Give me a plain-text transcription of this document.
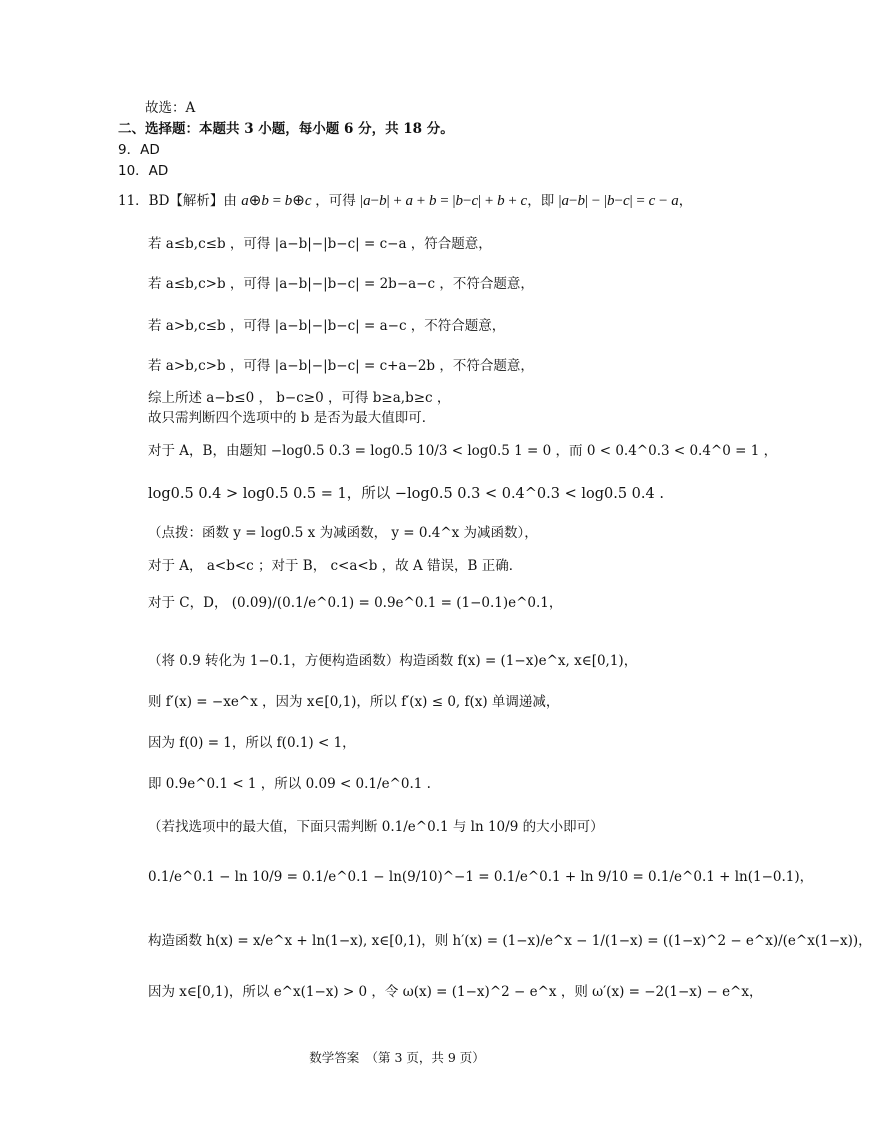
故选：A
二、选择题：本题共 3 小题，每小题 6 分，共 18 分。
9．AD
10．AD
11．BD【解析】由 a⊕b = b⊕c ，可得 |a−b| + a + b = |b−c| + b + c，即 |a−b| − |b−c| = c − a，
若 a≤b,c≤b ，可得 |a−b|−|b−c| = c−a ，符合题意，
若 a≤b,c>b ，可得 |a−b|−|b−c| = 2b−a−c ，不符合题意，
若 a>b,c≤b ，可得 |a−b|−|b−c| = a−c ，不符合题意，
若 a>b,c>b ，可得 |a−b|−|b−c| = c+a−2b ，不符合题意，
综上所述 a−b≤0 ， b−c≥0 ，可得 b≥a,b≥c ，
故只需判断四个选项中的 b 是否为最大值即可．
对于 A，B，由题知 −log0.5 0.3 = log0.5 10/3 < log0.5 1 = 0 ，而 0 < 0.4^0.3 < 0.4^0 = 1 ，
log0.5 0.4 > log0.5 0.5 = 1，所以 −log0.5 0.3 < 0.4^0.3 < log0.5 0.4 .
（点拨：函数 y = log0.5 x 为减函数， y = 0.4^x 为减函数），
对于 A， a<b<c ；对于 B， c<a<b ，故 A 错误，B 正确．
对于 C，D， (0.09)/(0.1/e^0.1) = 0.9e^0.1 = (1−0.1)e^0.1，
（将 0.9 转化为 1−0.1，方便构造函数）构造函数 f(x) = (1−x)e^x, x∈[0,1)，
则 f′(x) = −xe^x ，因为 x∈[0,1)，所以 f′(x) ≤ 0, f(x) 单调递减，
因为 f(0) = 1，所以 f(0.1) < 1，
即 0.9e^0.1 < 1 ，所以 0.09 < 0.1/e^0.1 .
（若找选项中的最大值，下面只需判断 0.1/e^0.1 与 ln 10/9 的大小即可）
0.1/e^0.1 − ln 10/9 = 0.1/e^0.1 − ln(9/10)^−1 = 0.1/e^0.1 + ln 9/10 = 0.1/e^0.1 + ln(1−0.1)，
构造函数 h(x) = x/e^x + ln(1−x), x∈[0,1)，则 h′(x) = (1−x)/e^x − 1/(1−x) = ((1−x)^2 − e^x)/(e^x(1−x))，
因为 x∈[0,1)，所以 e^x(1−x) > 0 ，令 ω(x) = (1−x)^2 − e^x ，则 ω′(x) = −2(1−x) − e^x，
数学答案　（第 3 页，共 9 页）
